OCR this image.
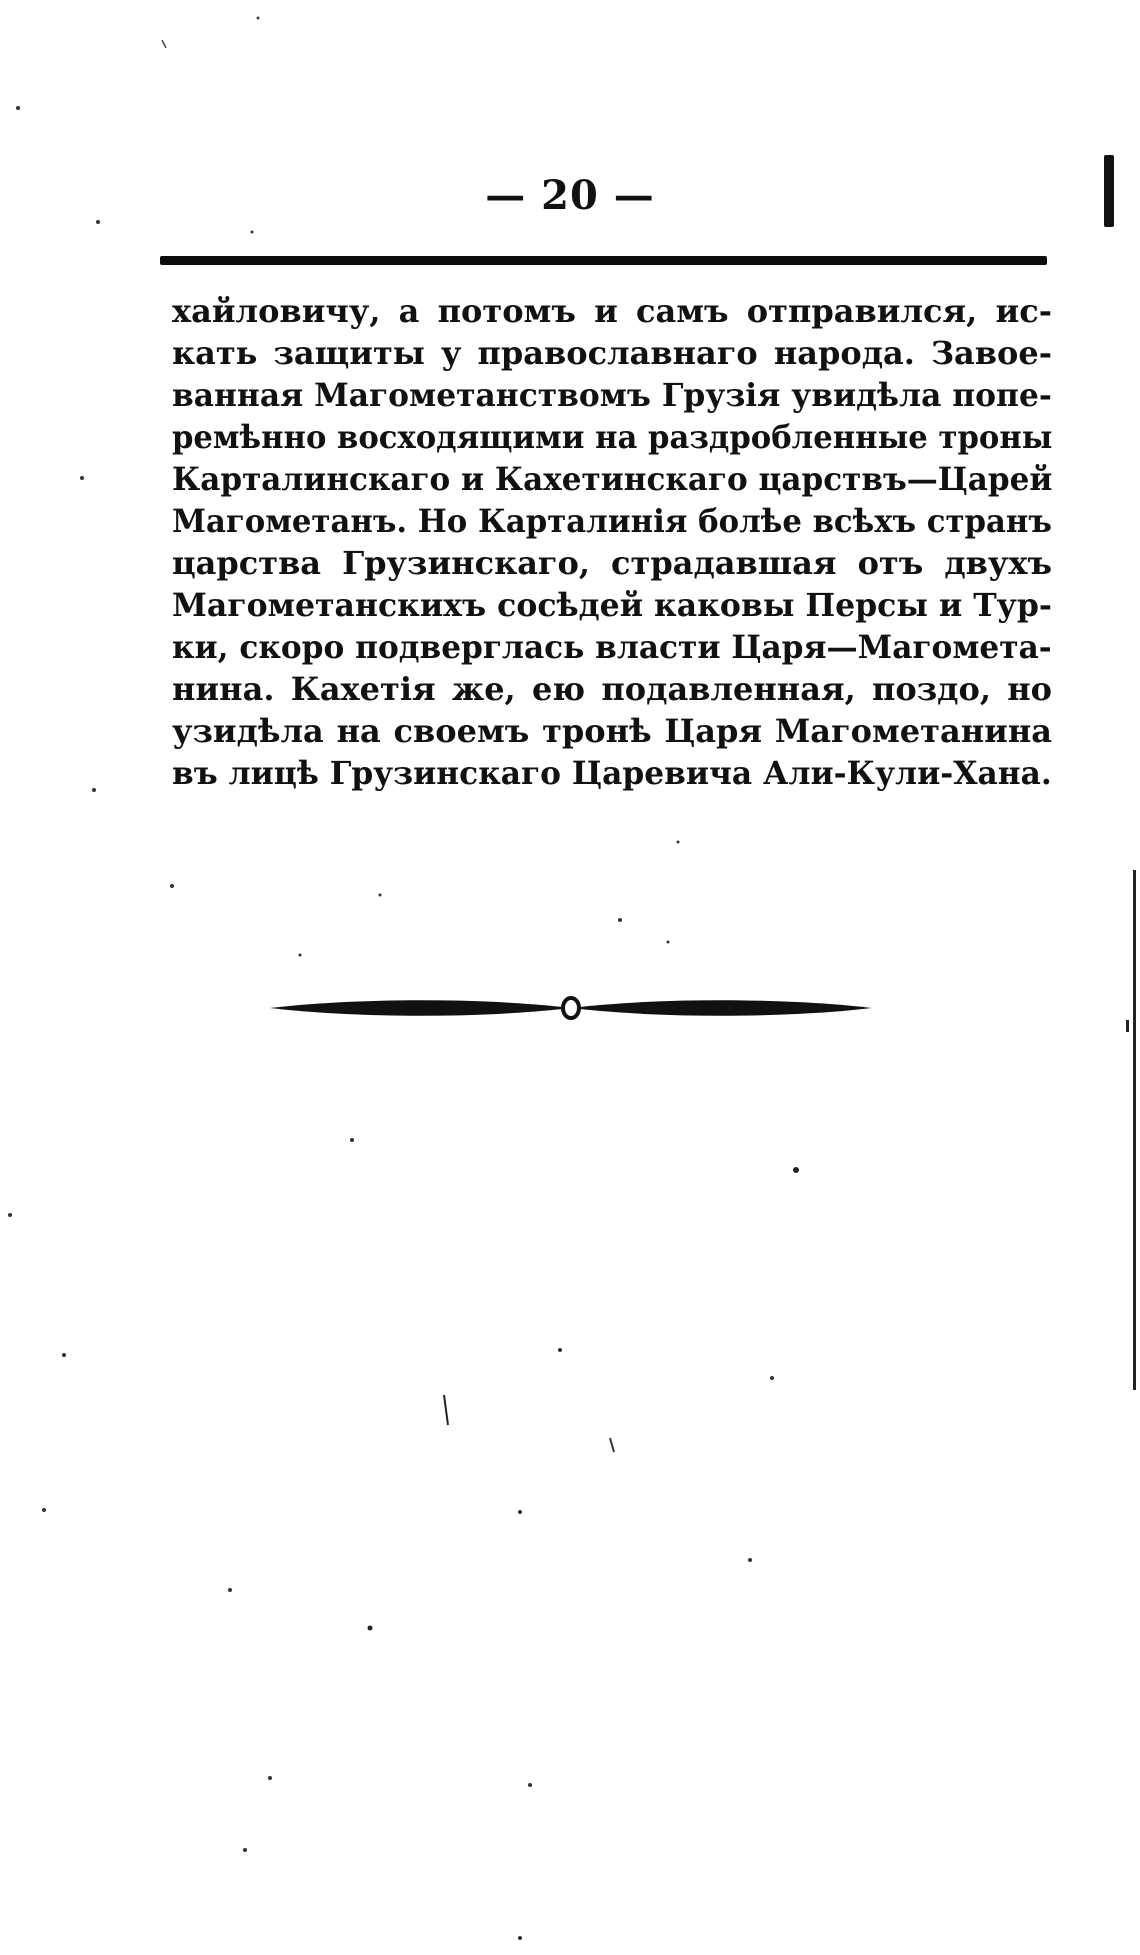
— 20 —
хайловичу, а потомъ и самъ отправился, ис-
кать защиты у православнаго народа. Завое-
ванная Магометанствомъ Грузія увидѣла попе-
ремѣнно восходящими на раздробленные троны
Карталинскаго и Кахетинскаго царствъ—Царей
Магометанъ. Но Карталинія болѣе всѣхъ странъ
царства Грузинскаго, страдавшая отъ двухъ
Магометанскихъ сосѣдей каковы Персы и Тур-
ки, скоро подверглась власти Царя—Магомета-
нина. Кахетія же, ею подавленная, поздо, но
узидѣла на своемъ тронѣ Царя Магометанина
въ лицѣ Грузинскаго Царевича Али-Кули-Хана.
